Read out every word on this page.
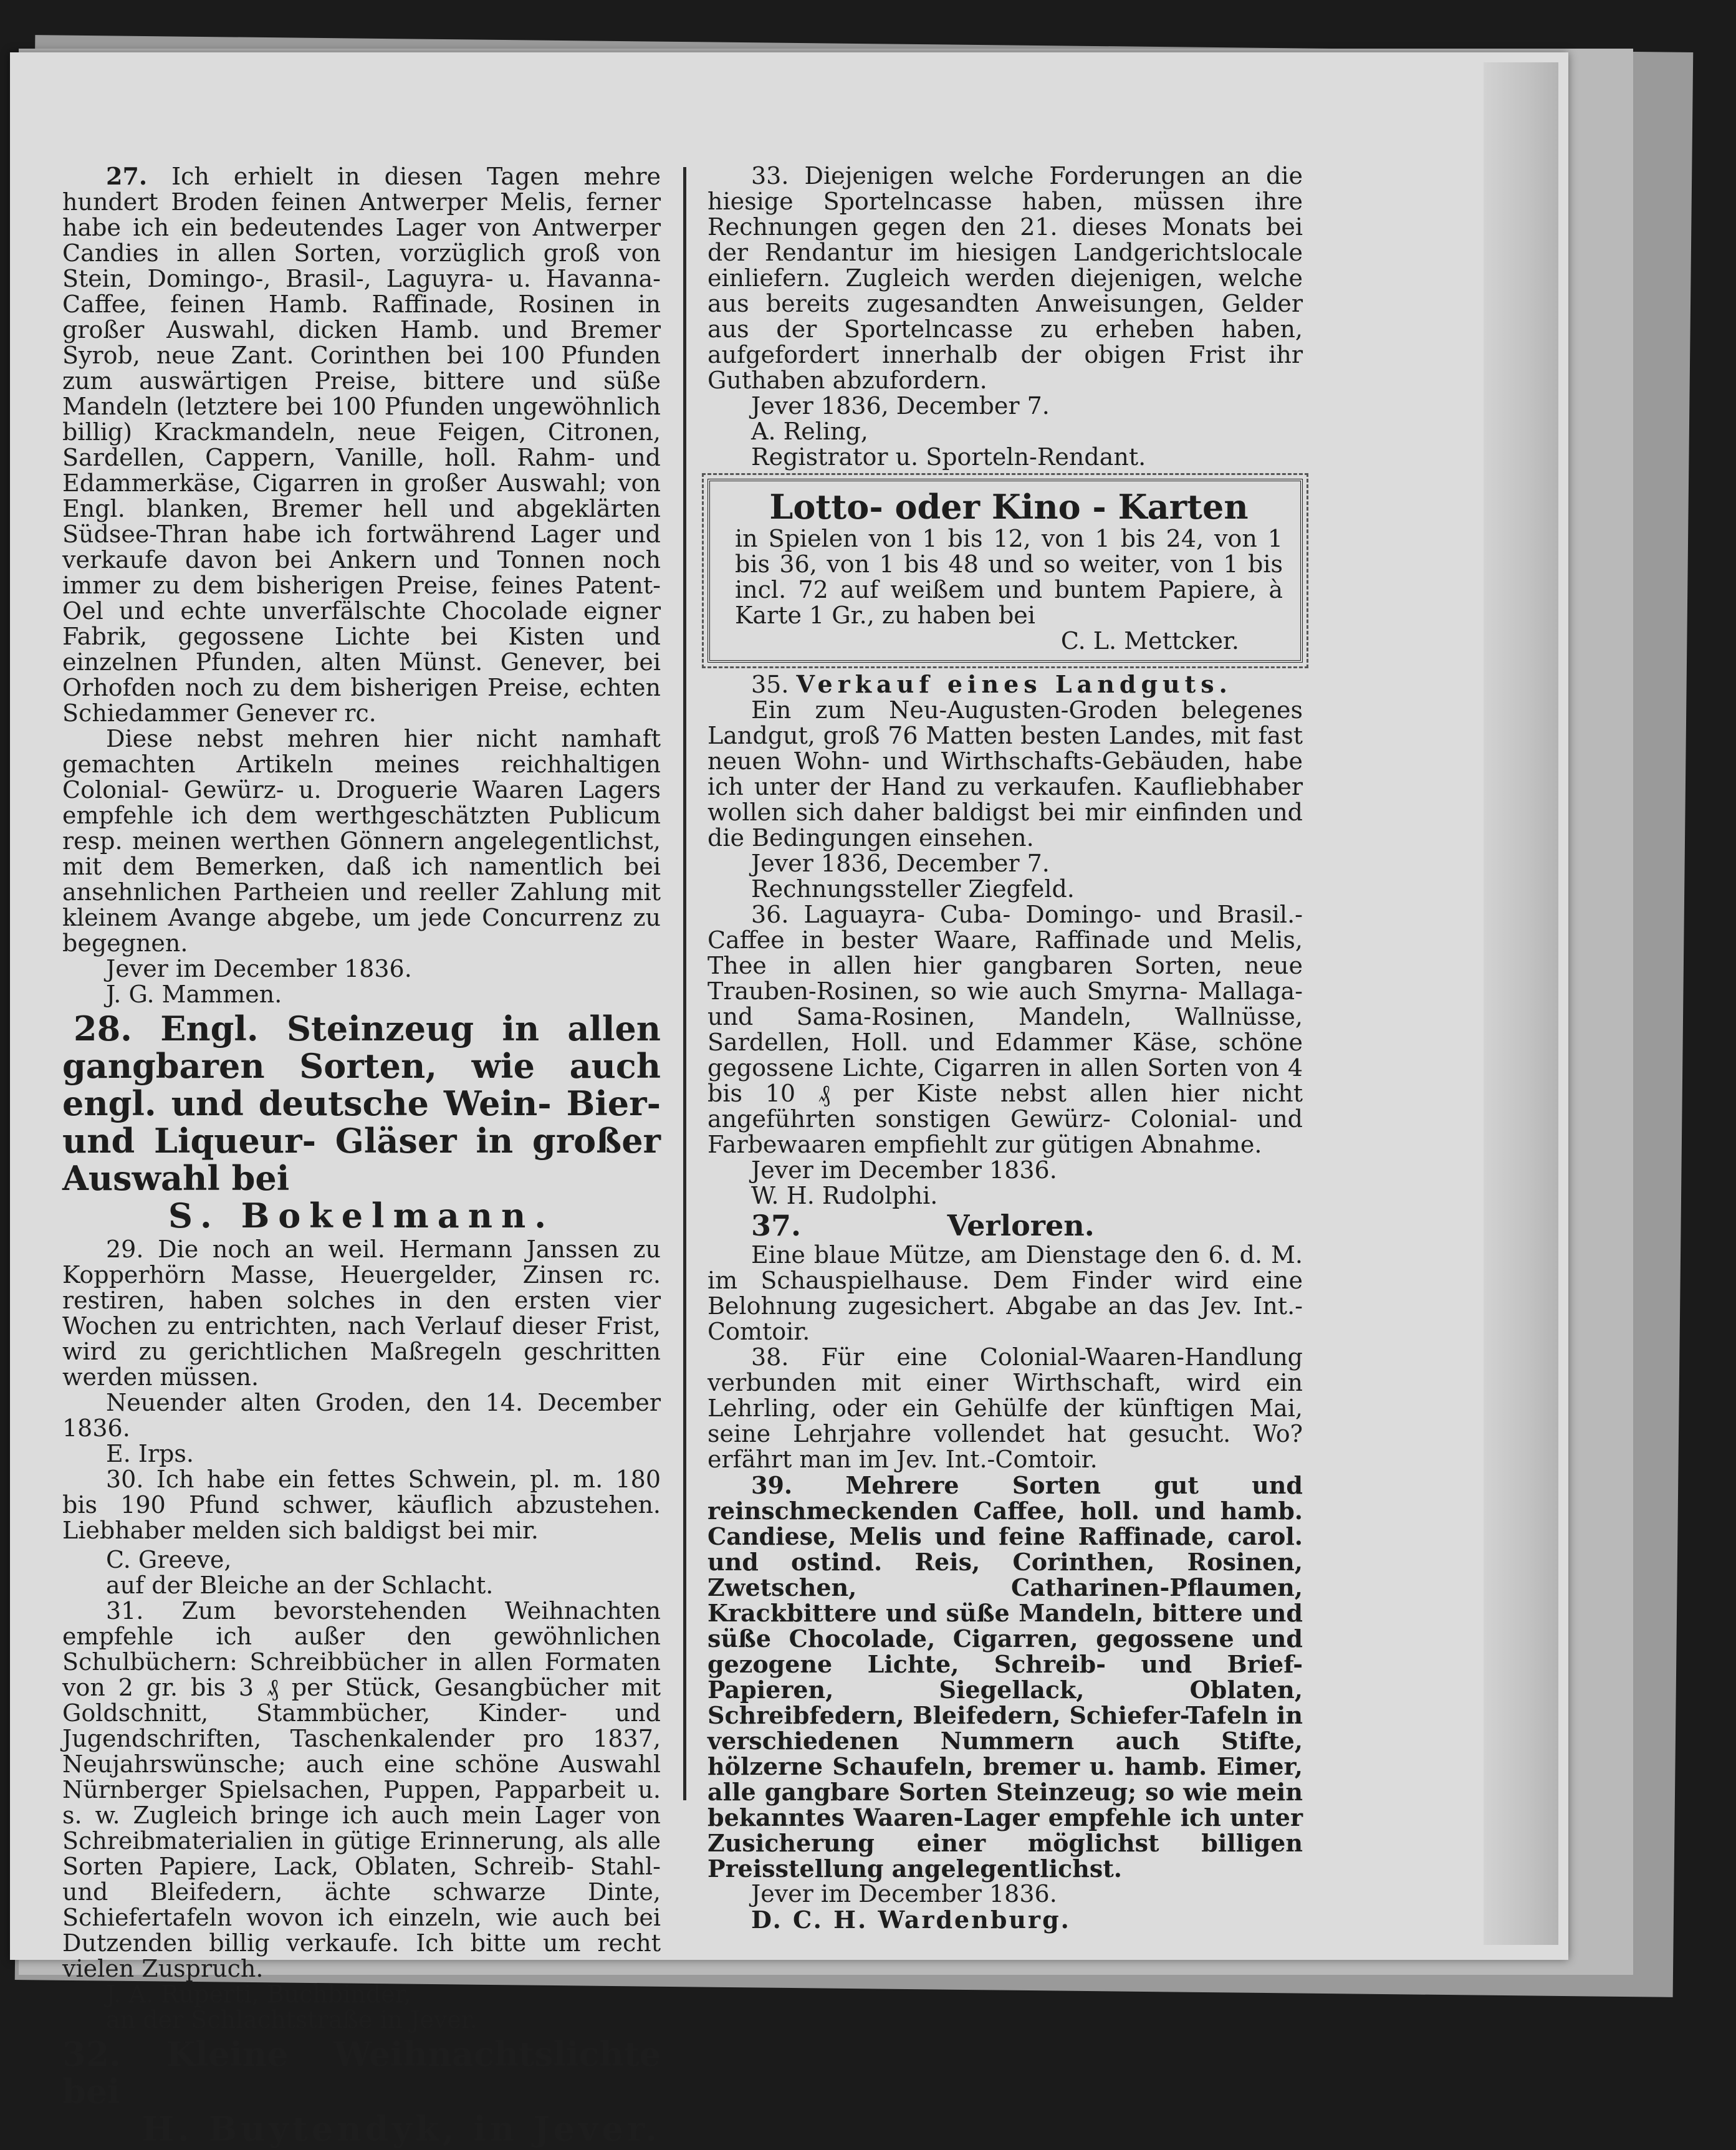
27. Ich erhielt in diesen Tagen mehre hundert Broden feinen Antwerper Melis, ferner habe ich ein bedeutendes Lager von Antwerper Candies in allen Sorten, vorzüglich groß von Stein, Domingo-, Brasil-, Laguyra- u. Havanna-Caffee, feinen Hamb. Raffinade, Rosinen in großer Auswahl, dicken Hamb. und Bremer Syrob, neue Zant. Corinthen bei 100 Pfunden zum auswärtigen Preise, bittere und süße Mandeln (letztere bei 100 Pfunden ungewöhnlich billig) Krackmandeln, neue Feigen, Citronen, Sardellen, Cappern, Vanille, holl. Rahm- und Edammerkäse, Cigarren in großer Auswahl; von Engl. blanken, Bremer hell und abgeklärten Südsee-Thran habe ich fortwährend Lager und verkaufe davon bei Ankern und Tonnen noch immer zu dem bisherigen Preise, feines Patent-Oel und echte unverfälschte Chocolade eigner Fabrik, gegossene Lichte bei Kisten und einzelnen Pfunden, alten Münst. Genever, bei Orhofden noch zu dem bisherigen Preise, echten Schiedammer Genever rc.

Diese nebst mehren hier nicht namhaft gemachten Artikeln meines reichhaltigen Colonial- Gewürz- u. Droguerie Waaren Lagers empfehle ich dem werthgeschätzten Publicum resp. meinen werthen Gönnern angelegentlichst, mit dem Bemerken, daß ich namentlich bei ansehnlichen Partheien und reeller Zahlung mit kleinem Avange abgebe, um jede Concurrenz zu begegnen.

Jever im December 1836.

J. G. Mammen.

28. Engl. Steinzeug in allen gangbaren Sorten, wie auch engl. und deutsche Wein- Bier- und Liqueur- Gläser in großer Auswahl bei
S. Bokelmann.

29. Die noch an weil. Hermann Janssen zu Kopperhörn Masse, Heuergelder, Zinsen rc. restiren, haben solches in den ersten vier Wochen zu entrichten, nach Verlauf dieser Frist, wird zu gerichtlichen Maßregeln geschritten werden müssen.

Neuender alten Groden, den 14. December 1836.

E. Irps.

30. Ich habe ein fettes Schwein, pl. m. 180 bis 190 Pfund schwer, käuflich abzustehen. Liebhaber melden sich baldigst bei mir.

C. Greeve,

auf der Bleiche an der Schlacht.

31. Zum bevorstehenden Weihnachten empfehle ich außer den gewöhnlichen Schulbüchern: Schreibbücher in allen Formaten von 2 gr. bis 3 ₰ per Stück, Gesangbücher mit Goldschnitt, Stammbücher, Kinder- und Jugendschriften, Taschenkalender pro 1837, Neujahrswünsche; auch eine schöne Auswahl Nürnberger Spielsachen, Puppen, Papparbeit u. s. w. Zugleich bringe ich auch mein Lager von Schreibmaterialien in gütige Erinnerung, als alle Sorten Papiere, Lack, Oblaten, Schreib- Stahl- und Bleifedern, ächte schwarze Dinte, Schiefertafeln wovon ich einzeln, wie auch bei Dutzenden billig verkaufe. Ich bitte um recht vielen Zuspruch.

J. A. Ruperti, Buchbinder,

an der Schlachtstraße in Jever.

32. Kleine Weihnachtslichte bei
H. Buytendyk, in Jever.

33. Diejenigen welche Forderungen an die hiesige Sportelncasse haben, müssen ihre Rechnungen gegen den 21. dieses Monats bei der Rendantur im hiesigen Landgerichtslocale einliefern. Zugleich werden diejenigen, welche aus bereits zugesandten Anweisungen, Gelder aus der Sportelncasse zu erheben haben, aufgefordert innerhalb der obigen Frist ihr Guthaben abzufordern.

Jever 1836, December 7.

A. Reling,

Registrator u. Sporteln-Rendant.

Lotto- oder Kino - Karten

in Spielen von 1 bis 12, von 1 bis 24, von 1 bis 36, von 1 bis 48 und so weiter, von 1 bis incl. 72 auf weißem und buntem Papiere, à Karte 1 Gr., zu haben bei

C. L. Mettcker.

35. Verkauf eines Landguts.

Ein zum Neu-Augusten-Groden belegenes Landgut, groß 76 Matten besten Landes, mit fast neuen Wohn- und Wirthschafts-Gebäuden, habe ich unter der Hand zu verkaufen. Kaufliebhaber wollen sich daher baldigst bei mir einfinden und die Bedingungen einsehen.

Jever 1836, December 7.

Rechnungssteller Ziegfeld.

36. Laguayra- Cuba- Domingo- und Brasil.-Caffee in bester Waare, Raffinade und Melis, Thee in allen hier gangbaren Sorten, neue Trauben-Rosinen, so wie auch Smyrna- Mallaga- und Sama-Rosinen, Mandeln, Wallnüsse, Sardellen, Holl. und Edammer Käse, schöne gegossene Lichte, Cigarren in allen Sorten von 4 bis 10 ₰ per Kiste nebst allen hier nicht angeführten sonstigen Gewürz- Colonial- und Farbewaaren empfiehlt zur gütigen Abnahme.

Jever im December 1836.

W. H. Rudolphi.

37.	Verloren.

Eine blaue Mütze, am Dienstage den 6. d. M. im Schauspielhause. Dem Finder wird eine Belohnung zugesichert. Abgabe an das Jev. Int.-Comtoir.

38. Für eine Colonial-Waaren-Handlung verbunden mit einer Wirthschaft, wird ein Lehrling, oder ein Gehülfe der künftigen Mai, seine Lehrjahre vollendet hat gesucht. Wo? erfährt man im Jev. Int.-Comtoir.

39. Mehrere Sorten gut und reinschmeckenden Caffee, holl. und hamb. Candiese, Melis und feine Raffinade, carol. und ostind. Reis, Corinthen, Rosinen, Zwetschen, Catharinen-Pflaumen, Krackbittere und süße Mandeln, bittere und süße Chocolade, Cigarren, gegossene und gezogene Lichte, Schreib- und Brief-Papieren, Siegellack, Oblaten, Schreibfedern, Bleifedern, Schiefer-Tafeln in verschiedenen Nummern auch Stifte, hölzerne Schaufeln, bremer u. hamb. Eimer, alle gangbare Sorten Steinzeug; so wie mein bekanntes Waaren-Lager empfehle ich unter Zusicherung einer möglichst billigen Preisstellung angelegentlichst.

Jever im December 1836.

D. C. H. Wardenburg.
